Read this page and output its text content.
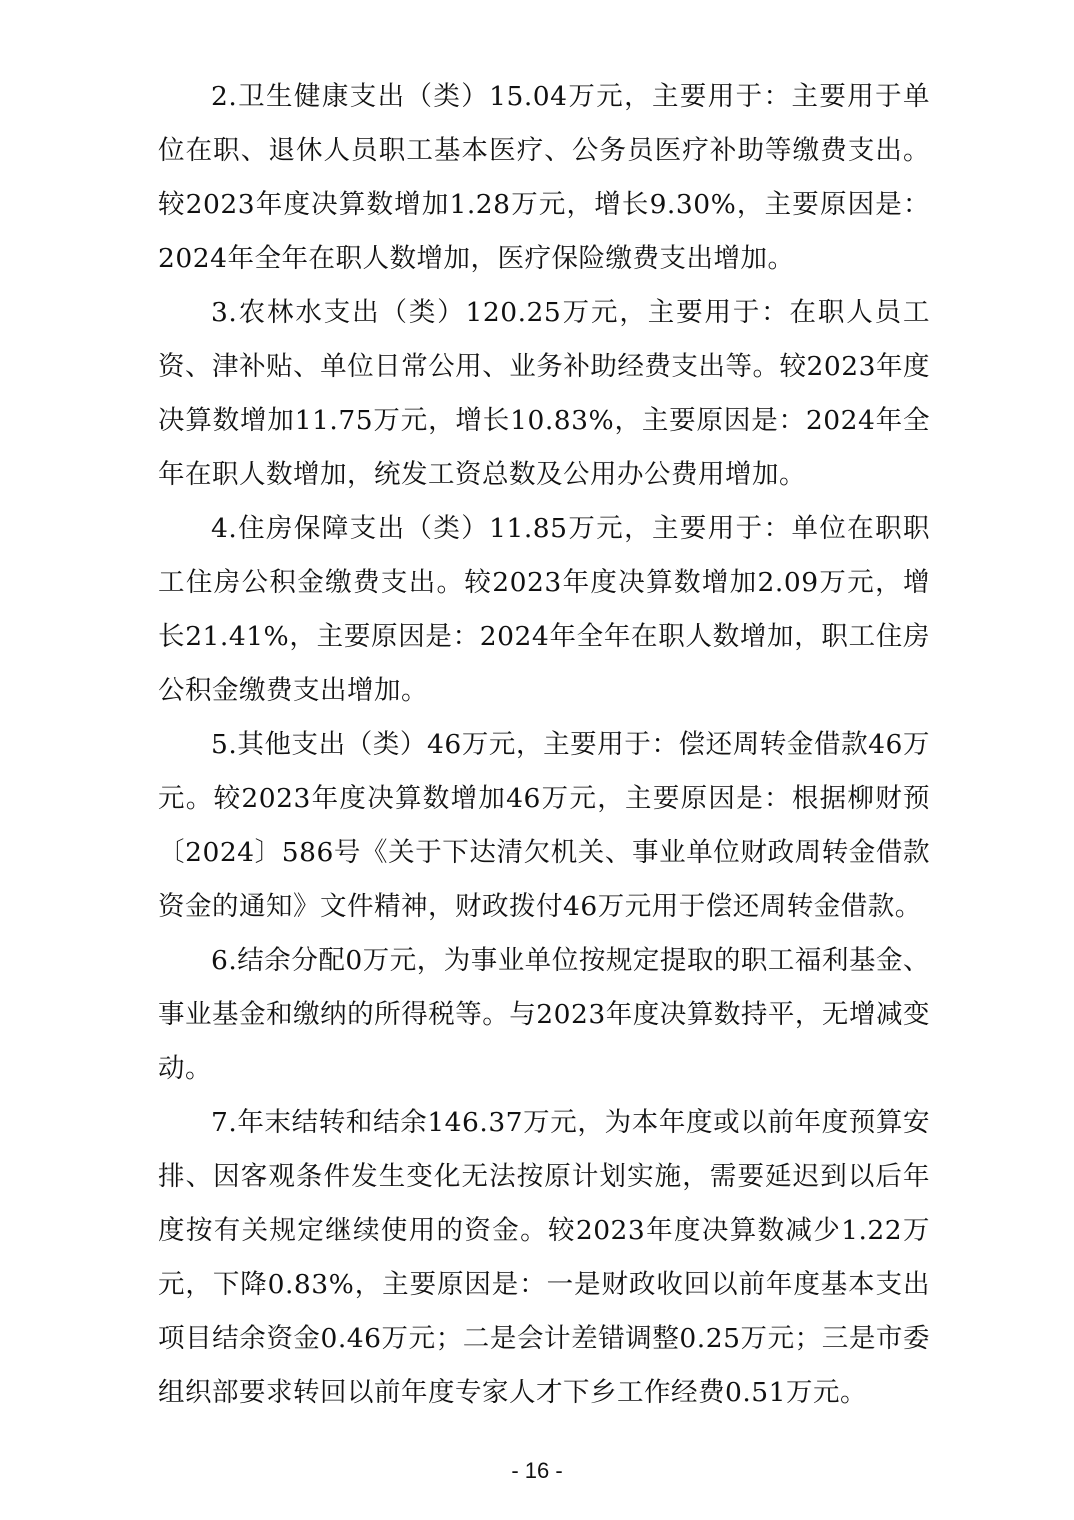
2.卫生健康支出（类）15.04万元，主要用于：主要用于单位在职、退休人员职工基本医疗、公务员医疗补助等缴费支出。较2023年度决算数增加1.28万元，增长9.30%，主要原因是：2024年全年在职人数增加，医疗保险缴费支出增加。

3.农林水支出（类）120.25万元，主要用于：在职人员工资、津补贴、单位日常公用、业务补助经费支出等。较2023年度决算数增加11.75万元，增长10.83%，主要原因是：2024年全年在职人数增加，统发工资总数及公用办公费用增加。

4.住房保障支出（类）11.85万元，主要用于：单位在职职工住房公积金缴费支出。较2023年度决算数增加2.09万元，增长21.41%，主要原因是：2024年全年在职人数增加，职工住房公积金缴费支出增加。

5.其他支出（类）46万元，主要用于：偿还周转金借款46万元。较2023年度决算数增加46万元，主要原因是：根据柳财预〔2024〕586号《关于下达清欠机关、事业单位财政周转金借款资金的通知》文件精神，财政拨付46万元用于偿还周转金借款。

6.结余分配0万元，为事业单位按规定提取的职工福利基金、事业基金和缴纳的所得税等。与2023年度决算数持平，无增减变动。

7.年末结转和结余146.37万元，为本年度或以前年度预算安排、因客观条件发生变化无法按原计划实施，需要延迟到以后年度按有关规定继续使用的资金。较2023年度决算数减少1.22万元，下降0.83%，主要原因是：一是财政收回以前年度基本支出项目结余资金0.46万元；二是会计差错调整0.25万元；三是市委组织部要求转回以前年度专家人才下乡工作经费0.51万元。

- 16 -
